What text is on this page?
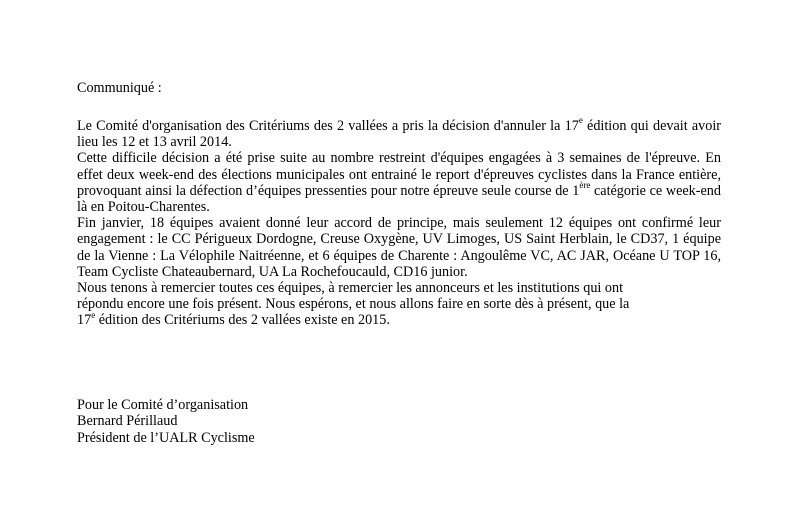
Communiqué :

Le Comité d'organisation des Critériums des 2 vallées a pris la décision d'annuler la 17e édition qui devait avoir lieu les 12 et 13 avril 2014.

Cette difficile décision a été prise suite au nombre restreint d'équipes engagées à 3 semaines de l'épreuve. En effet deux week-end des élections municipales ont entrainé le report d'épreuves cyclistes dans la France entière, provoquant ainsi la défection d’équipes pressenties pour notre épreuve seule course de 1ère catégorie ce week-end là en Poitou-Charentes.

Fin janvier, 18 équipes avaient donné leur accord de principe, mais seulement 12 équipes ont confirmé leur engagement : le CC Périgueux Dordogne, Creuse Oxygène, UV Limoges, US Saint Herblain, le CD37, 1 équipe de la Vienne : La Vélophile Naitréenne, et 6 équipes de Charente : Angoulême VC, AC JAR, Océane U TOP 16, Team Cycliste Chateaubernard, UA La Rochefoucauld, CD16 junior.

Nous tenons à remercier toutes ces équipes, à remercier les annonceurs et les institutions qui ont
répondu encore une fois présent. Nous espérons, et nous allons faire en sorte dès à présent, que la
17e édition des Critériums des 2 vallées existe en 2015.

Pour le Comité d’organisation
Bernard Périllaud
Président de l’UALR Cyclisme
